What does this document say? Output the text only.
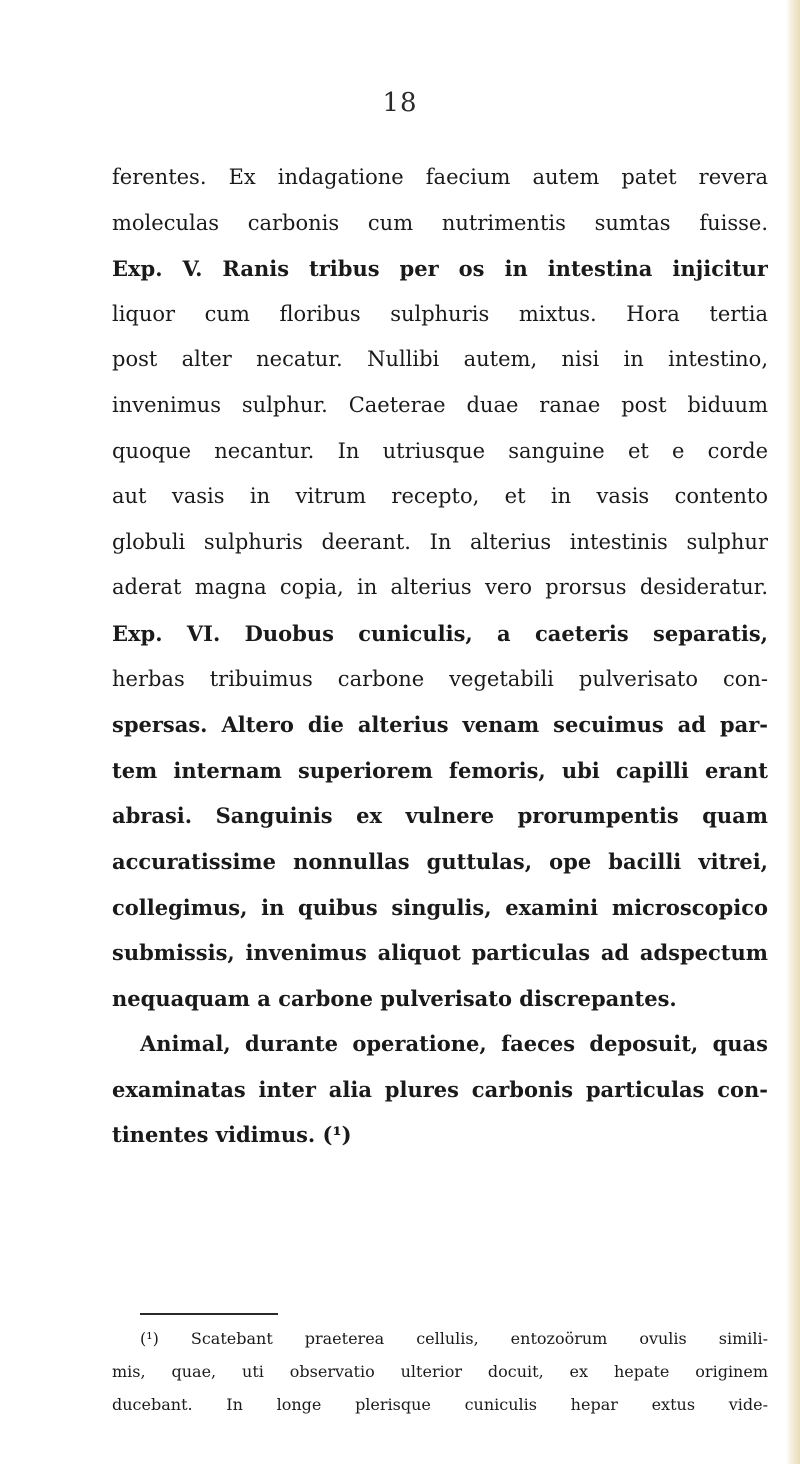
18
ferentes. Ex indagatione faecium autem patet revera
moleculas carbonis cum nutrimentis sumtas fuisse.
Exp. V. Ranis tribus per os in intestina injicitur
liquor cum floribus sulphuris mixtus. Hora tertia
post alter necatur. Nullibi autem, nisi in intestino,
invenimus sulphur. Caeterae duae ranae post biduum
quoque necantur. In utriusque sanguine et e corde
aut vasis in vitrum recepto, et in vasis contento
globuli sulphuris deerant. In alterius intestinis sulphur
aderat magna copia, in alterius vero prorsus desideratur.
Exp. VI. Duobus cuniculis, a caeteris separatis,
herbas tribuimus carbone vegetabili pulverisato con-
spersas. Altero die alterius venam secuimus ad par-
tem internam superiorem femoris, ubi capilli erant
abrasi. Sanguinis ex vulnere prorumpentis quam
accuratissime nonnullas guttulas, ope bacilli vitrei,
collegimus, in quibus singulis, examini microscopico
submissis, invenimus aliquot particulas ad adspectum
nequaquam a carbone pulverisato discrepantes.
Animal, durante operatione, faeces deposuit, quas
examinatas inter alia plures carbonis particulas con-
tinentes vidimus. (¹)
(¹) Scatebant praeterea cellulis, entozoörum ovulis simili-
mis, quae, uti observatio ulterior docuit, ex hepate originem
ducebant. In longe plerisque cuniculis hepar extus vide-
